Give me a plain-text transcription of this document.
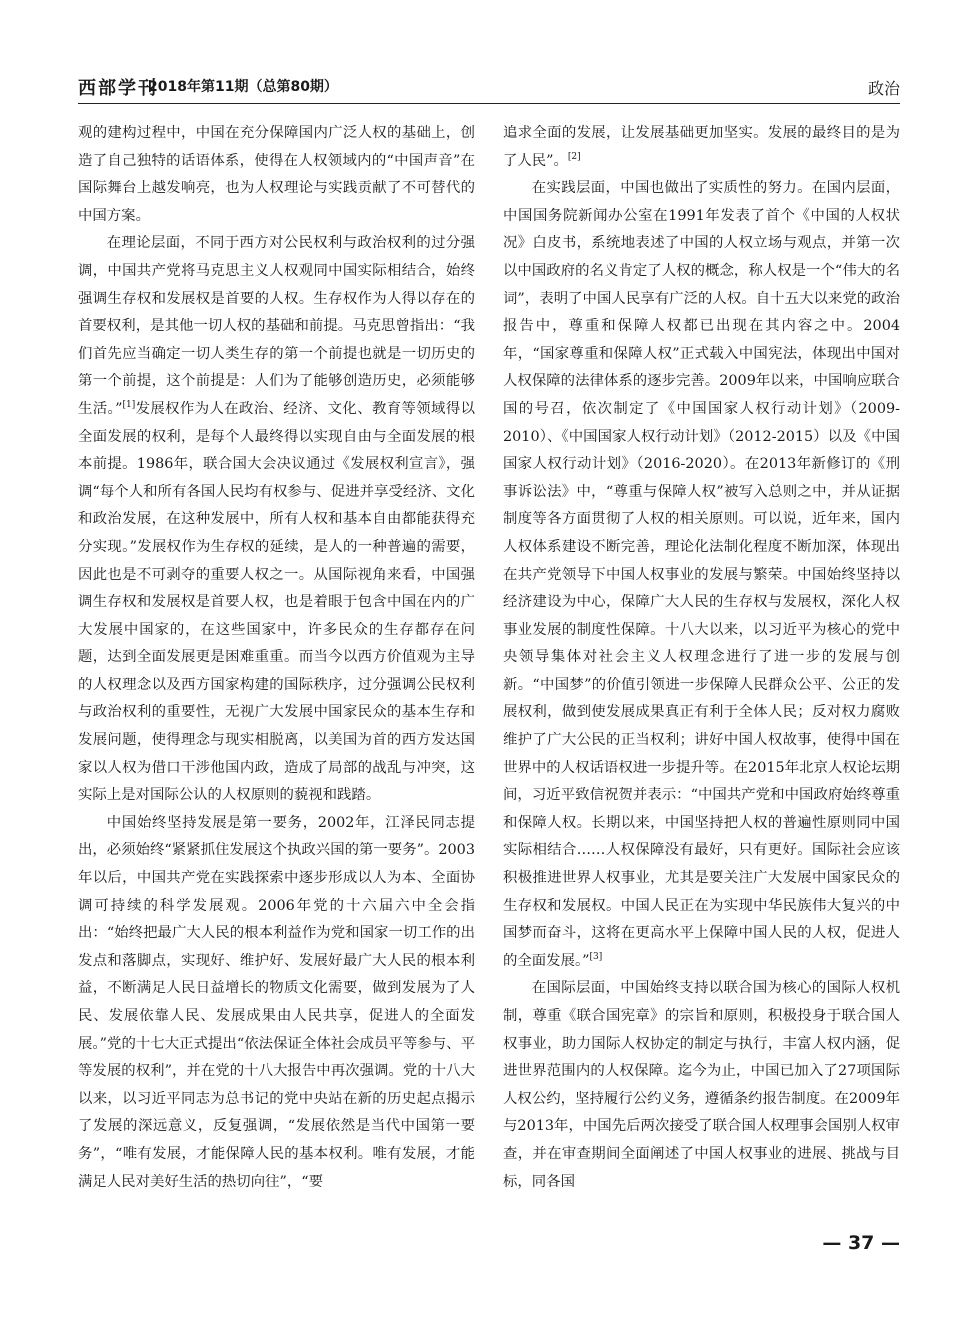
西部学刊
2018年第11期（总第80期）	政治

观的建构过程中，中国在充分保障国内广泛人权的基础上，创造了自己独特的话语体系，使得在人权领域内的“中国声音”在国际舞台上越发响亮，也为人权理论与实践贡献了不可替代的中国方案。

在理论层面，不同于西方对公民权利与政治权利的过分强调，中国共产党将马克思主义人权观同中国实际相结合，始终强调生存权和发展权是首要的人权。生存权作为人得以存在的首要权利，是其他一切人权的基础和前提。马克思曾指出：“我们首先应当确定一切人类生存的第一个前提也就是一切历史的第一个前提，这个前提是：人们为了能够创造历史，必须能够生活。”[1]发展权作为人在政治、经济、文化、教育等领域得以全面发展的权利，是每个人最终得以实现自由与全面发展的根本前提。1986年，联合国大会决议通过《发展权利宣言》，强调“每个人和所有各国人民均有权参与、促进并享受经济、文化和政治发展，在这种发展中，所有人权和基本自由都能获得充分实现。”发展权作为生存权的延续，是人的一种普遍的需要，因此也是不可剥夺的重要人权之一。从国际视角来看，中国强调生存权和发展权是首要人权，也是着眼于包含中国在内的广大发展中国家的，在这些国家中，许多民众的生存都存在问题，达到全面发展更是困难重重。而当今以西方价值观为主导的人权理念以及西方国家构建的国际秩序，过分强调公民权利与政治权利的重要性，无视广大发展中国家民众的基本生存和发展问题，使得理念与现实相脱离，以美国为首的西方发达国家以人权为借口干涉他国内政，造成了局部的战乱与冲突，这实际上是对国际公认的人权原则的藐视和践踏。

中国始终坚持发展是第一要务，2002年，江泽民同志提出，必须始终“紧紧抓住发展这个执政兴国的第一要务”。2003年以后，中国共产党在实践探索中逐步形成以人为本、全面协调可持续的科学发展观。2006年党的十六届六中全会指出：“始终把最广大人民的根本利益作为党和国家一切工作的出发点和落脚点，实现好、维护好、发展好最广大人民的根本利益，不断满足人民日益增长的物质文化需要，做到发展为了人民、发展依靠人民、发展成果由人民共享，促进人的全面发展。”党的十七大正式提出“依法保证全体社会成员平等参与、平等发展的权利”，并在党的十八大报告中再次强调。党的十八大以来，以习近平同志为总书记的党中央站在新的历史起点揭示了发展的深远意义，反复强调，“发展依然是当代中国第一要务”，“唯有发展，才能保障人民的基本权利。唯有发展，才能满足人民对美好生活的热切向往”，“要

追求全面的发展，让发展基础更加坚实。发展的最终目的是为了人民”。[2]

在实践层面，中国也做出了实质性的努力。在国内层面，中国国务院新闻办公室在1991年发表了首个《中国的人权状况》白皮书，系统地表述了中国的人权立场与观点，并第一次以中国政府的名义肯定了人权的概念，称人权是一个“伟大的名词”，表明了中国人民享有广泛的人权。自十五大以来党的政治报告中，尊重和保障人权都已出现在其内容之中。2004年，“国家尊重和保障人权”正式载入中国宪法，体现出中国对人权保障的法律体系的逐步完善。2009年以来，中国响应联合国的号召，依次制定了《中国国家人权行动计划》（2009-2010）、《中国国家人权行动计划》（2012-2015）以及《中国国家人权行动计划》（2016-2020）。在2013年新修订的《刑事诉讼法》中，“尊重与保障人权”被写入总则之中，并从证据制度等各方面贯彻了人权的相关原则。可以说，近年来，国内人权体系建设不断完善，理论化法制化程度不断加深，体现出在共产党领导下中国人权事业的发展与繁荣。中国始终坚持以经济建设为中心，保障广大人民的生存权与发展权，深化人权事业发展的制度性保障。十八大以来，以习近平为核心的党中央领导集体对社会主义人权理念进行了进一步的发展与创新。“中国梦”的价值引领进一步保障人民群众公平、公正的发展权利，做到使发展成果真正有利于全体人民；反对权力腐败维护了广大公民的正当权利；讲好中国人权故事，使得中国在世界中的人权话语权进一步提升等。在2015年北京人权论坛期间，习近平致信祝贺并表示：“中国共产党和中国政府始终尊重和保障人权。长期以来，中国坚持把人权的普遍性原则同中国实际相结合……人权保障没有最好，只有更好。国际社会应该积极推进世界人权事业，尤其是要关注广大发展中国家民众的生存权和发展权。中国人民正在为实现中华民族伟大复兴的中国梦而奋斗，这将在更高水平上保障中国人民的人权，促进人的全面发展。”[3]

在国际层面，中国始终支持以联合国为核心的国际人权机制，尊重《联合国宪章》的宗旨和原则，积极投身于联合国人权事业，助力国际人权协定的制定与执行，丰富人权内涵，促进世界范围内的人权保障。迄今为止，中国已加入了27项国际人权公约，坚持履行公约义务，遵循条约报告制度。在2009年与2013年，中国先后两次接受了联合国人权理事会国别人权审查，并在审查期间全面阐述了中国人权事业的进展、挑战与目标，同各国

— 37 —
